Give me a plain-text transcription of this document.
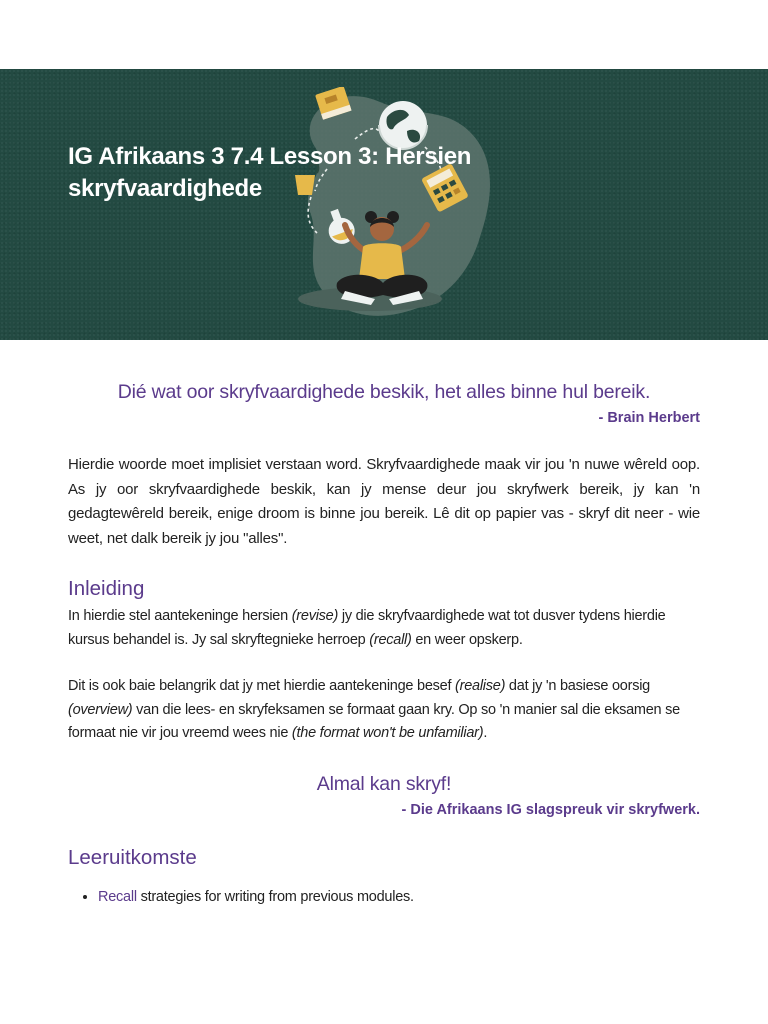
IG Afrikaans 3 7.4 Lesson 3: Hersien skryfvaardighede

Dié wat oor skryfvaardighede beskik, het alles binne hul bereik.

- Brain Herbert

Hierdie woorde moet implisiet verstaan word. Skryfvaardighede maak vir jou 'n nuwe wêreld oop. As jy oor skryfvaardighede beskik, kan jy mense deur jou skryfwerk bereik, jy kan 'n gedagtewêreld bereik, enige droom is binne jou bereik. Lê dit op papier vas - skryf dit neer - wie weet, net dalk bereik jy jou "alles".

Inleiding

In hierdie stel aantekeninge hersien (revise) jy die skryfvaardighede wat tot dusver tydens hierdie kursus behandel is. Jy sal skryftegnieke herroep (recall) en weer opskerp.

Dit is ook baie belangrik dat jy met hierdie aantekeninge besef (realise) dat jy 'n basiese oorsig (overview) van die lees- en skryfeksamen se formaat gaan kry. Op so 'n manier sal die eksamen se formaat nie vir jou vreemd wees nie (the format won't be unfamiliar).

Almal kan skryf!

- Die Afrikaans IG slagspreuk vir skryfwerk.

Leeruitkomste
• Recall strategies for writing from previous modules.
